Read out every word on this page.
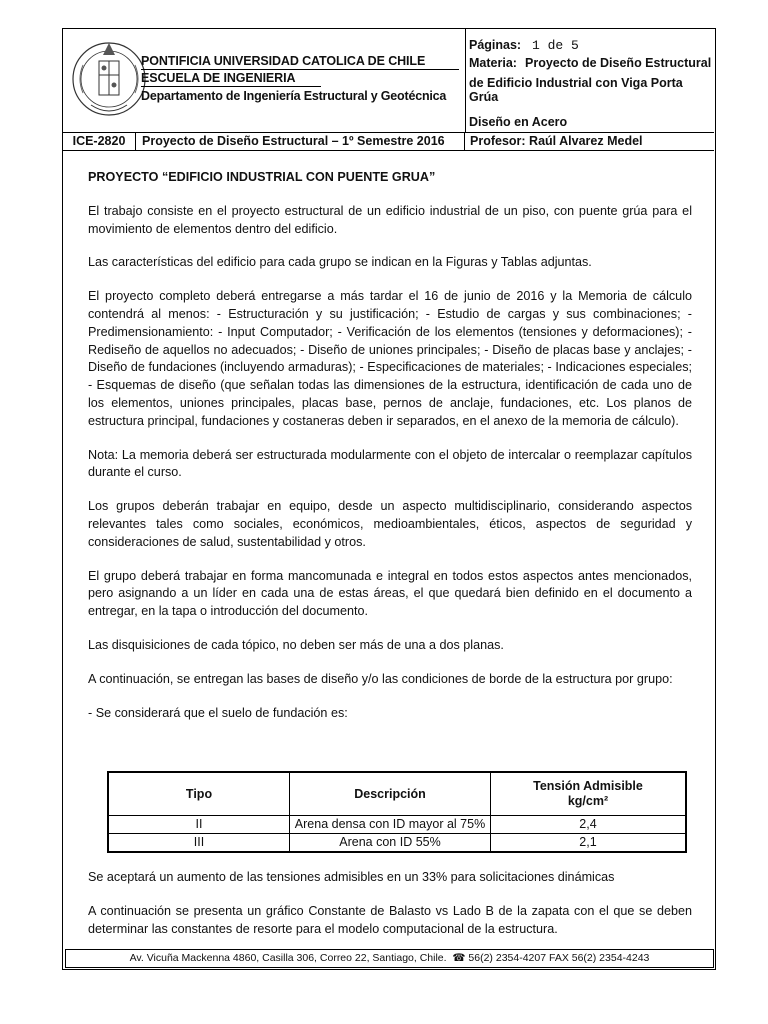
PONTIFICIA UNIVERSIDAD CATOLICA DE CHILE
ESCUELA DE INGENIERIA
Departamento de Ingeniería Estructural y Geotécnica
Páginas: 1 de 5
Materia: Proyecto de Diseño Estructural
de Edificio Industrial con Viga Porta Grúa
Diseño en Acero
ICE-2820	Proyecto de Diseño Estructural – 1º Semestre 2016	Profesor: Raúl Alvarez Medel
PROYECTO “EDIFICIO INDUSTRIAL CON PUENTE GRUA”

El trabajo consiste en el proyecto estructural de un edificio industrial de un piso, con puente grúa para el movimiento de elementos dentro del edificio.

Las características del edificio para cada grupo se indican en la Figuras y Tablas adjuntas.

El proyecto completo deberá entregarse a más tardar el 16 de junio de 2016 y la Memoria de cálculo contendrá al menos: - Estructuración y su justificación; - Estudio de cargas y sus combinaciones; - Predimensionamiento: - Input Computador; - Verificación de los elementos (tensiones y deformaciones); - Rediseño de aquellos no adecuados; - Diseño de uniones principales; - Diseño de placas base y anclajes; - Diseño de fundaciones (incluyendo armaduras); - Especificaciones de materiales; - Indicaciones especiales; - Esquemas de diseño (que señalan todas las dimensiones de la estructura, identificación de cada uno de los elementos, uniones principales, placas base, pernos de anclaje, fundaciones, etc. Los planos de estructura principal, fundaciones y costaneras deben ir separados, en el anexo de la memoria de cálculo).

Nota: La memoria deberá ser estructurada modularmente con el objeto de intercalar o reemplazar capítulos durante el curso.

Los grupos deberán trabajar en equipo, desde un aspecto multidisciplinario, considerando aspectos relevantes tales como sociales, económicos, medioambientales, éticos, aspectos de seguridad y consideraciones de salud, sustentabilidad y otros.

El grupo deberá trabajar en forma mancomunada e integral en todos estos aspectos antes mencionados, pero asignando a un líder en cada una de estas áreas, el que quedará bien definido en el documento a entregar, en la tapa o introducción del documento.

Las disquisiciones de cada tópico, no deben ser más de una a dos planas.

A continuación, se entregan las bases de diseño y/o las condiciones de borde de la estructura por grupo:

- Se considerará que el suelo de fundación es:

Tipo	Descripción	Tensión Admisible
kg/cm²

II	Arena densa con ID mayor al 75%	2,4
III	Arena con ID 55%	2,1

Se aceptará un aumento de las tensiones admisibles en un 33% para solicitaciones dinámicas

A continuación se presenta un gráfico Constante de Balasto vs Lado B de la zapata con el que se deben determinar las constantes de resorte para el modelo computacional de la estructura.

Av. Vicuña Mackenna 4860, Casilla 306, Correo 22, Santiago, Chile. ☎ 56(2) 2354-4207 FAX 56(2) 2354-4243
